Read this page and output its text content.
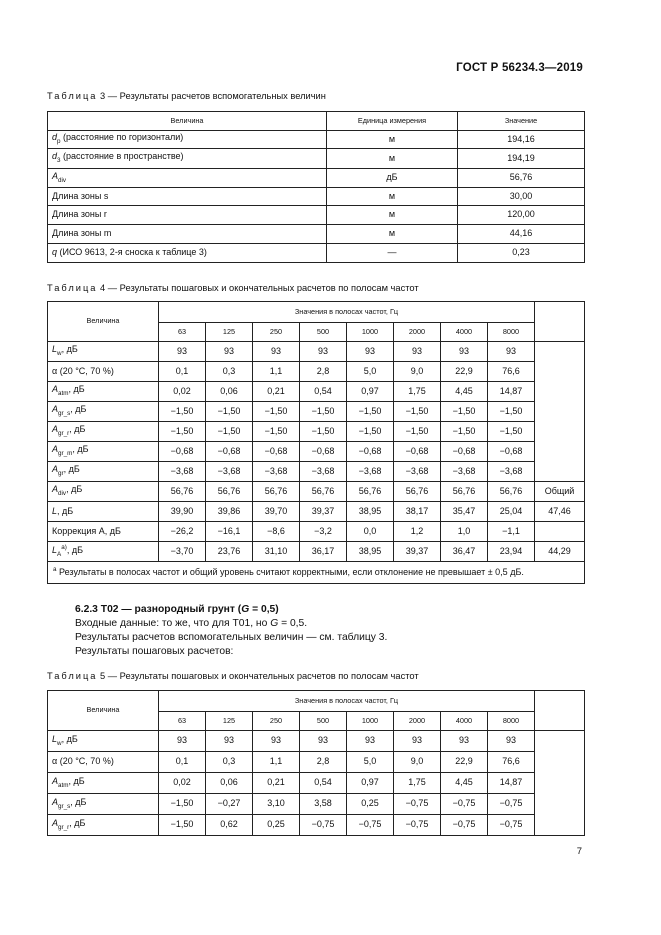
ГОСТ Р 56234.3—2019
Таблица 3 — Результаты расчетов вспомогательных величин
Величина	Единица измерения	Значение
$d_p$ (расстояние по горизонтали)	м	194,16
$d_3$ (расстояние в пространстве)	м	194,19
$A_{div}$	дБ	56,76
Длина зоны s	м	30,00
Длина зоны r	м	120,00
Длина зоны m	м	44,16
q (ИСО 9613, 2-я сноска к таблице 3)	—	0,23
Таблица 4 — Результаты пошаговых и окончательных расчетов по полосам частот
Величина	Значения в полосах частот, Гц								
	63	125	250	500	1000	2000	4000	8000	
$L_w$, дБ	93	93	93	93	93	93	93	93	
α (20 °С, 70 %)	0,1	0,3	1,1	2,8	5,0	9,0	22,9	76,6	
$A_{atm}$, дБ	0,02	0,06	0,21	0,54	0,97	1,75	4,45	14,87	
$A_{gr\_s}$, дБ	−1,50	−1,50	−1,50	−1,50	−1,50	−1,50	−1,50	−1,50	
$A_{gr\_r}$, дБ	−1,50	−1,50	−1,50	−1,50	−1,50	−1,50	−1,50	−1,50	
$A_{gr\_m}$, дБ	−0,68	−0,68	−0,68	−0,68	−0,68	−0,68	−0,68	−0,68	
$A_{gr}$, дБ	−3,68	−3,68	−3,68	−3,68	−3,68	−3,68	−3,68	−3,68	
$A_{div}$, дБ	56,76	56,76	56,76	56,76	56,76	56,76	56,76	56,76	Общий
L, дБ	39,90	39,86	39,70	39,37	38,95	38,17	35,47	25,04	47,46
Коррекция А, дБ	−26,2	−16,1	−8,6	−3,2	0,0	1,2	1,0	−1,1	
$L_A^{а)}$, дБ	−3,70	23,76	31,10	36,17	38,95	39,37	36,47	23,94	44,29
$^а$ Результаты в полосах частот и общий уровень считают корректными, если отклонение не превышает ± 0,5 дБ.									
6.2.3 Т02 — разнородный грунт (G = 0,5)
Входные данные: то же, что для Т01, но G = 0,5.
Результаты расчетов вспомогательных величин — см. таблицу 3.
Результаты пошаговых расчетов:
Таблица 5 — Результаты пошаговых и окончательных расчетов по полосам частот
Величина	Значения в полосах частот, Гц								
	63	125	250	500	1000	2000	4000	8000	
$L_w$, дБ	93	93	93	93	93	93	93	93	
α (20 °С, 70 %)	0,1	0,3	1,1	2,8	5,0	9,0	22,9	76,6	
$A_{atm}$, дБ	0,02	0,06	0,21	0,54	0,97	1,75	4,45	14,87	
$A_{gr\_s}$, дБ	−1,50	−0,27	3,10	3,58	0,25	−0,75	−0,75	−0,75	
$A_{gr\_r}$, дБ	−1,50	0,62	0,25	−0,75	−0,75	−0,75	−0,75	−0,75	
7
